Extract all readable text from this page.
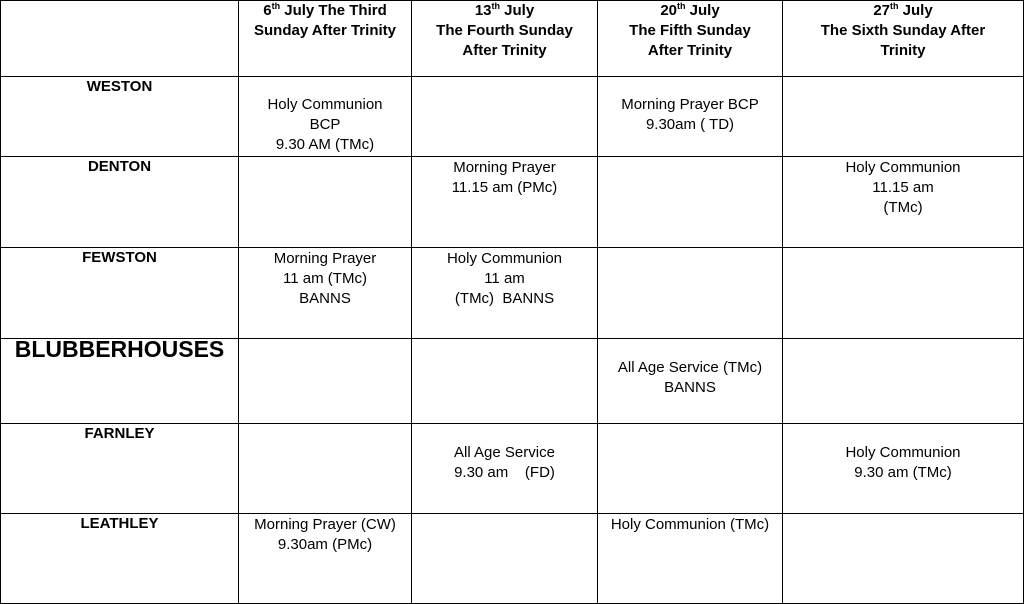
	6th July The Third
Sunday After Trinity	13th July
The Fourth Sunday
After Trinity	20th July
The Fifth Sunday
After Trinity	27th July
The Sixth Sunday After
Trinity

WESTON	Holy Communion
BCP
9.30 AM (TMc)		Morning Prayer BCP
9.30am ( TD)	

DENTON		Morning Prayer
11.15 am (PMc)		Holy Communion
11.15 am
(TMc)

FEWSTON	Morning Prayer
11 am (TMc)
BANNS	Holy Communion
11 am
(TMc)  BANNS		

BLUBBERHOUSES			All Age Service (TMc)
BANNS	

FARNLEY		All Age Service
9.30 am    (FD)		Holy Communion
9.30 am (TMc)

LEATHLEY	Morning Prayer (CW)
9.30am (PMc)		Holy Communion (TMc)	
